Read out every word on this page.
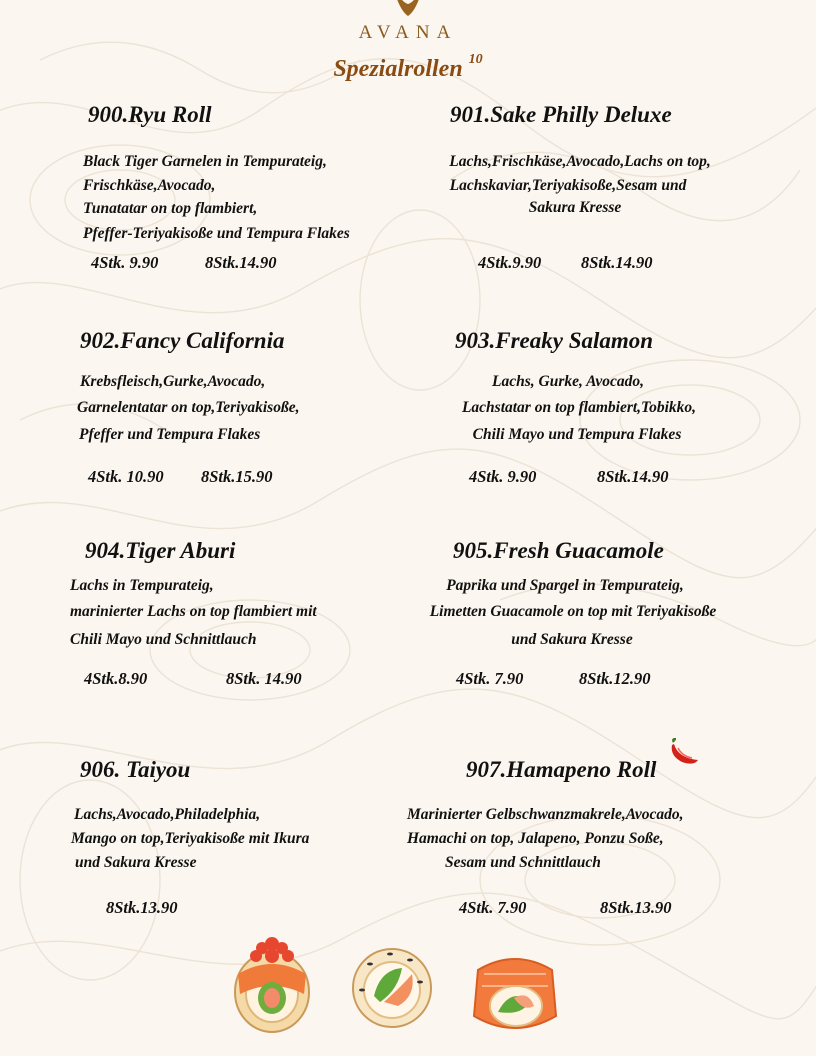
AVANA
Spezialrollen $^{10}$
900.Ryu Roll
Black Tiger Garnelen in Tempurateig,
Frischkäse,Avocado,
Tunatatar on top flambiert,
Pfeffer-Teriyakisoße und Tempura Flakes
4Stk. 9.90	8Stk.14.90
901.Sake Philly Deluxe
Lachs,Frischkäse,Avocado,Lachs on top,
Lachskaviar,Teriyakisoße,Sesam und
Sakura Kresse
4Stk.9.90 8Stk.14.90
902.Fancy California
Krebsfleisch,Gurke,Avocado,
Garnelentatar on top,Teriyakisoße,
Pfeffer und Tempura Flakes
4Stk. 10.90 8Stk.15.90
903.Freaky Salamon
Lachs, Gurke, Avocado,
Lachstatar on top flambiert,Tobikko,
Chili Mayo und Tempura Flakes
4Stk. 9.90	8Stk.14.90
904.Tiger Aburi
Lachs in Tempurateig,
marinierter Lachs on top flambiert mit
Chili Mayo und Schnittlauch
4Stk.8.90	8Stk. 14.90
905.Fresh Guacamole
Paprika und Spargel in Tempurateig,
Limetten Guacamole on top mit Teriyakisoße
und Sakura Kresse
4Stk. 7.90	8Stk.12.90
906. Taiyou
Lachs,Avocado,Philadelphia,
Mango on top,Teriyakisoße mit Ikura
und Sakura Kresse
8Stk.13.90
907.Hamapeno Roll
Marinierter Gelbschwanzmakrele,Avocado,
Hamachi on top, Jalapeno, Ponzu Soße,
Sesam und Schnittlauch
4Stk. 7.90	8Stk.13.90
